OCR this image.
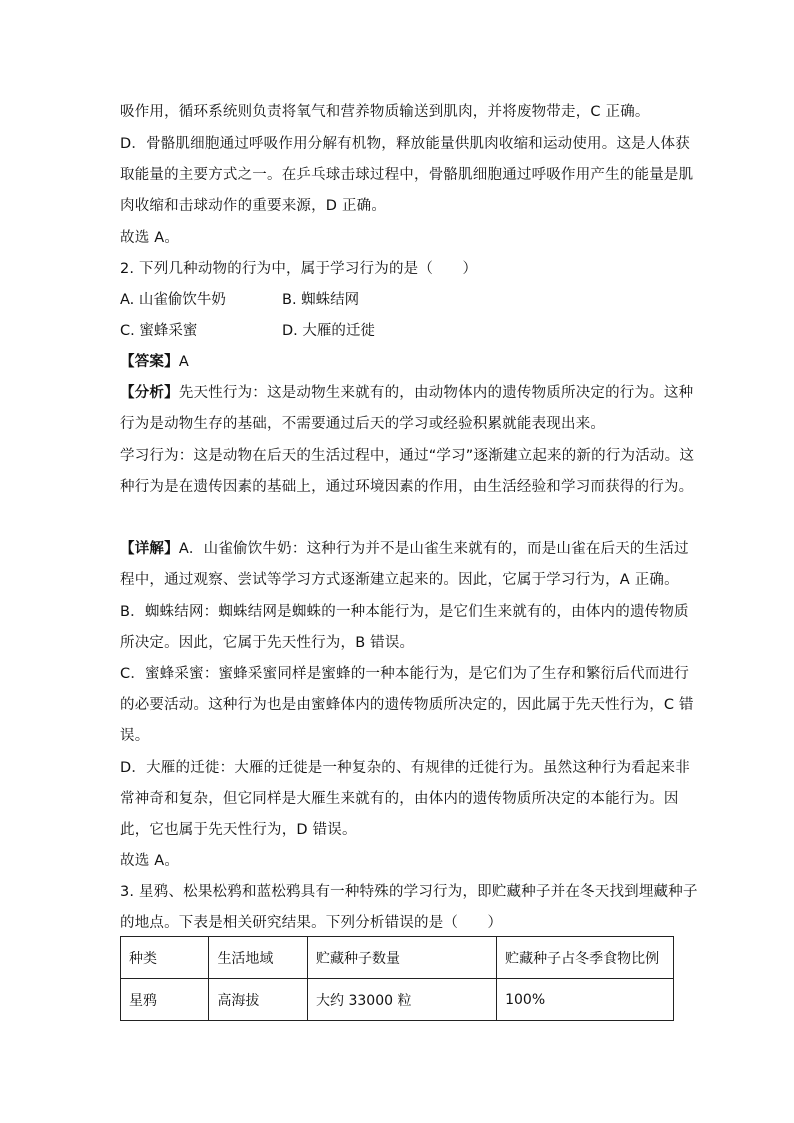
吸作用，循环系统则负责将氧气和营养物质输送到肌肉，并将废物带走，C 正确。
D．骨骼肌细胞通过呼吸作用分解有机物，释放能量供肌肉收缩和运动使用。这是人体获
取能量的主要方式之一。在乒乓球击球过程中，骨骼肌细胞通过呼吸作用产生的能量是肌
肉收缩和击球动作的重要来源，D 正确。
故选 A。
2. 下列几种动物的行为中，属于学习行为的是（　　）
A. 山雀偷饮牛奶	B. 蜘蛛结网
C. 蜜蜂采蜜	D. 大雁的迁徙
【答案】A
【分析】先天性行为：这是动物生来就有的，由动物体内的遗传物质所决定的行为。这种
行为是动物生存的基础，不需要通过后天的学习或经验积累就能表现出来。
学习行为：这是动物在后天的生活过程中，通过“学习”逐渐建立起来的新的行为活动。这
种行为是在遗传因素的基础上，通过环境因素的作用，由生活经验和学习而获得的行为。
【详解】A．山雀偷饮牛奶：这种行为并不是山雀生来就有的，而是山雀在后天的生活过
程中，通过观察、尝试等学习方式逐渐建立起来的。因此，它属于学习行为，A 正确。
B．蜘蛛结网：蜘蛛结网是蜘蛛的一种本能行为，是它们生来就有的，由体内的遗传物质
所决定。因此，它属于先天性行为，B 错误。
C．蜜蜂采蜜：蜜蜂采蜜同样是蜜蜂的一种本能行为，是它们为了生存和繁衍后代而进行
的必要活动。这种行为也是由蜜蜂体内的遗传物质所决定的，因此属于先天性行为，C 错
误。
D．大雁的迁徙：大雁的迁徙是一种复杂的、有规律的迁徙行为。虽然这种行为看起来非
常神奇和复杂，但它同样是大雁生来就有的，由体内的遗传物质所决定的本能行为。因
此，它也属于先天性行为，D 错误。
故选 A。
3. 星鸦、松果松鸦和蓝松鸦具有一种特殊的学习行为，即贮藏种子并在冬天找到埋藏种子
的地点。下表是相关研究结果。下列分析错误的是（　　）
种类	生活地域	贮藏种子数量	贮藏种子占冬季食物比例
星鸦	高海拔	大约 33000 粒	100%
